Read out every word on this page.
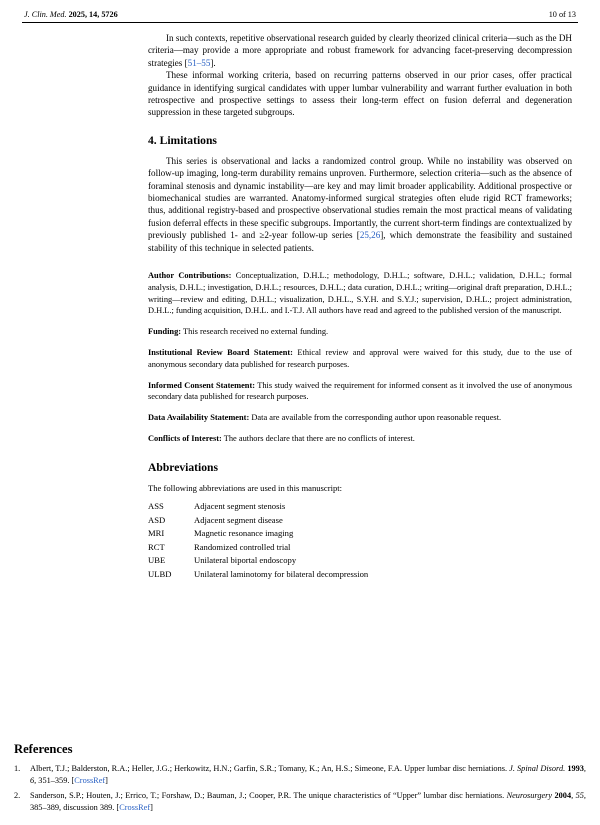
J. Clin. Med. 2025, 14, 5726	10 of 13

In such contexts, repetitive observational research guided by clearly theorized clinical criteria—such as the DH criteria—may provide a more appropriate and robust framework for advancing facet-preserving decompression strategies [51–55].

These informal working criteria, based on recurring patterns observed in our prior cases, offer practical guidance in identifying surgical candidates with upper lumbar vulnerability and warrant further evaluation in both retrospective and prospective settings to assess their long-term effect on fusion deferral and degeneration suppression in these targeted subgroups.

4. Limitations

This series is observational and lacks a randomized control group. While no instability was observed on follow-up imaging, long-term durability remains unproven. Furthermore, selection criteria—such as the absence of foraminal stenosis and dynamic instability—are key and may limit broader applicability. Additional prospective or biomechanical studies are warranted. Anatomy-informed surgical strategies often elude rigid RCT frameworks; thus, additional registry-based and prospective observational studies remain the most practical means of validating fusion deferral effects in these specific subgroups. Importantly, the current short-term findings are contextualized by previously published 1- and ≥2-year follow-up series [25,26], which demonstrate the feasibility and sustained stability of this technique in selected patients.

Author Contributions: Conceptualization, D.H.L.; methodology, D.H.L.; software, D.H.L.; validation, D.H.L.; formal analysis, D.H.L.; investigation, D.H.L.; resources, D.H.L.; data curation, D.H.L.; writing—original draft preparation, D.H.L.; writing—review and editing, D.H.L.; visualization, D.H.L., S.Y.H. and S.Y.J.; supervision, D.H.L.; project administration, D.H.L.; funding acquisition, D.H.L. and I.-T.J. All authors have read and agreed to the published version of the manuscript.

Funding: This research received no external funding.

Institutional Review Board Statement: Ethical review and approval were waived for this study, due to the use of anonymous secondary data published for research purposes.

Informed Consent Statement: This study waived the requirement for informed consent as it involved the use of anonymous secondary data published for research purposes.

Data Availability Statement: Data are available from the corresponding author upon reasonable request.

Conflicts of Interest: The authors declare that there are no conflicts of interest.

Abbreviations

The following abbreviations are used in this manuscript:

ASS	Adjacent segment stenosis
ASD	Adjacent segment disease
MRI	Magnetic resonance imaging
RCT	Randomized controlled trial
UBE	Unilateral biportal endoscopy
ULBD	Unilateral laminotomy for bilateral decompression
References
1.	Albert, T.J.; Balderston, R.A.; Heller, J.G.; Herkowitz, H.N.; Garfin, S.R.; Tomany, K.; An, H.S.; Simeone, F.A. Upper lumbar disc herniations. J. Spinal Disord. 1993, 6, 351–359. [CrossRef]
2.	Sanderson, S.P.; Houten, J.; Errico, T.; Forshaw, D.; Bauman, J.; Cooper, P.R. The unique characteristics of “Upper” lumbar disc herniations. Neurosurgery 2004, 55, 385–389, discussion 389. [CrossRef]
